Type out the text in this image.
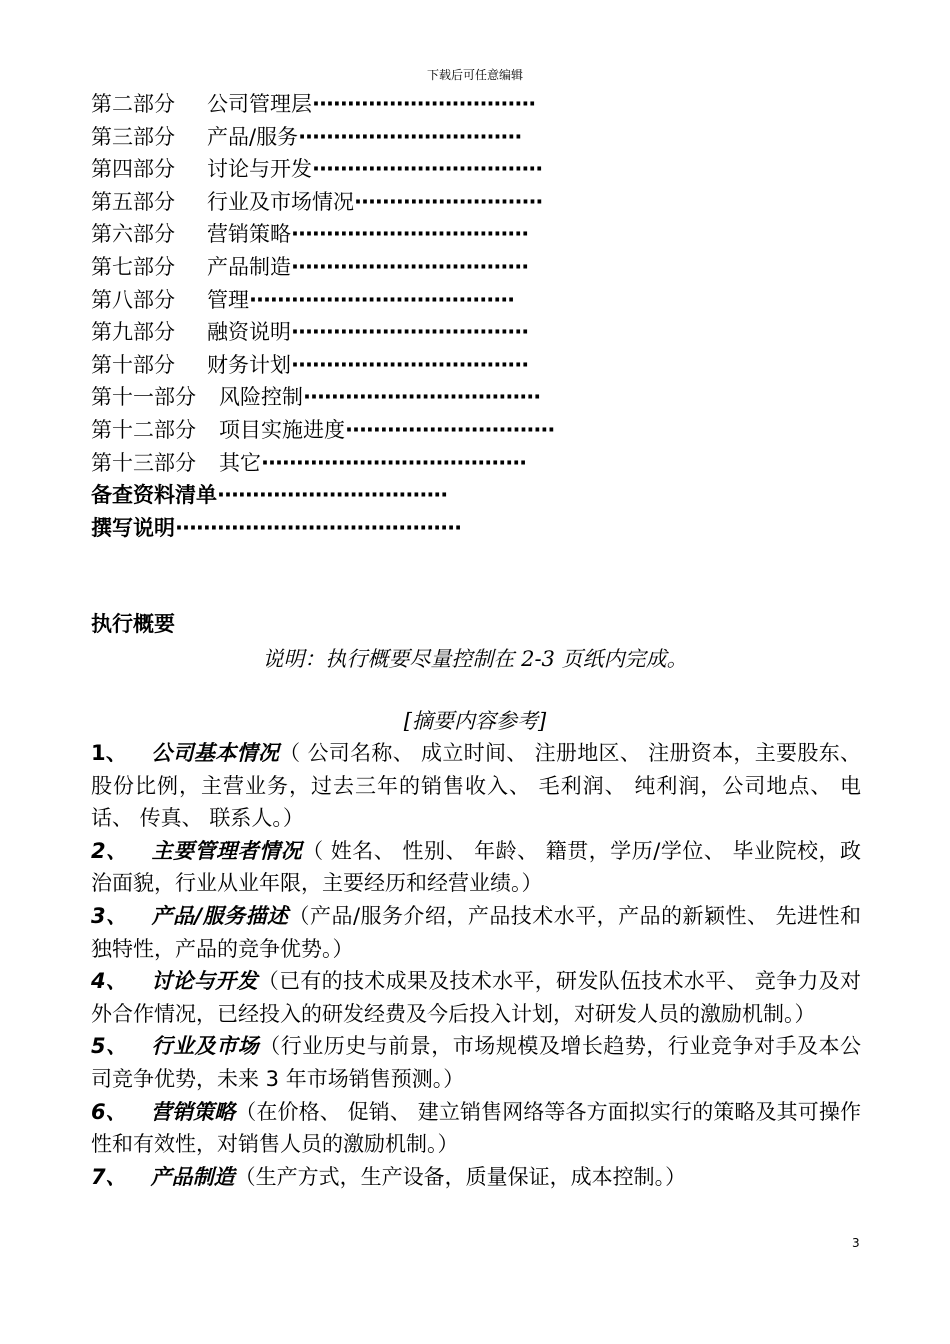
下载后可任意编辑
第二部分 公司管理层································
第三部分 产品/服务································
第四部分 讨论与开发·································
第五部分 行业及市场情况···························
第六部分 营销策略··································
第七部分 产品制造··································
第八部分 管理······································
第九部分 融资说明··································
第十部分 财务计划··································
第十一部分 风险控制··································
第十二部分 项目实施进度······························
第十三部分 其它······································
备查资料清单·································
撰写说明·········································
执行概要
说明：执行概要尽量控制在 2-3 页纸内完成。
[摘要内容参考]
1、 公司基本情况（ 公司名称、 成立时间、 注册地区、 注册资本，主要股东、 股份比例，主营业务，过去三年的销售收入、 毛利润、 纯利润，公司地点、 电话、 传真、 联系人。）
2、 主要管理者情况（ 姓名、 性别、 年龄、 籍贯，学历/学位、 毕业院校，政治面貌，行业从业年限，主要经历和经营业绩。）
3、 产品/服务描述（产品/服务介绍，产品技术水平，产品的新颖性、 先进性和独特性，产品的竞争优势。）
4、 讨论与开发（已有的技术成果及技术水平，研发队伍技术水平、 竞争力及对外合作情况，已经投入的研发经费及今后投入计划，对研发人员的激励机制。）
5、 行业及市场（行业历史与前景，市场规模及增长趋势，行业竞争对手及本公司竞争优势，未来 3 年市场销售预测。）
6、 营销策略（在价格、 促销、 建立销售网络等各方面拟实行的策略及其可操作性和有效性，对销售人员的激励机制。）
7、 产品制造（生产方式，生产设备，质量保证，成本控制。）
3
